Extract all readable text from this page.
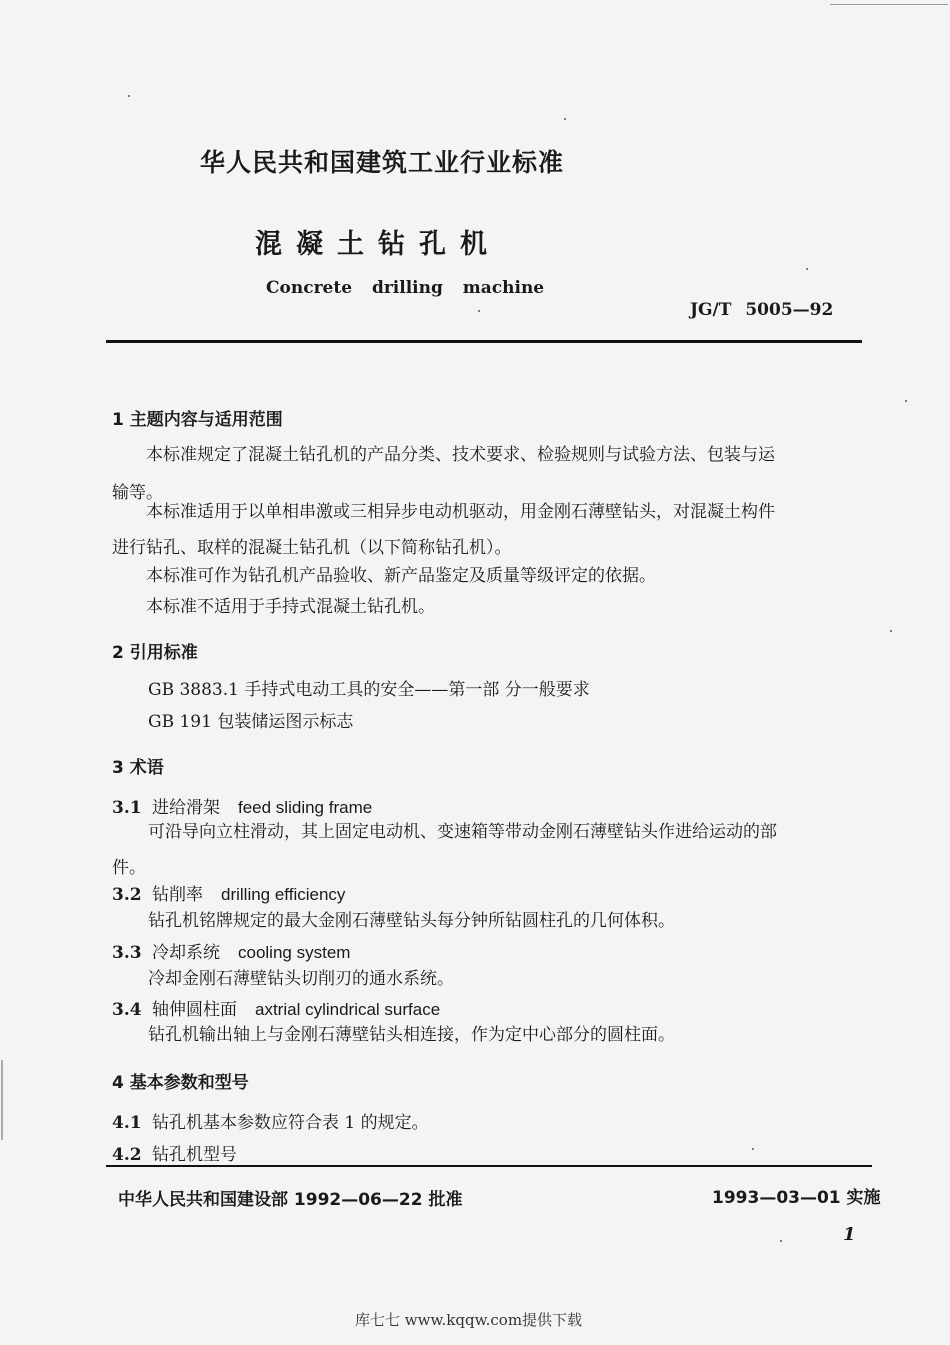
华人民共和国建筑工业行业标准
混凝土钻孔机
Concrete drilling machine
JG/T 5005—92
1 主题内容与适用范围
本标准规定了混凝土钻孔机的产品分类、技术要求、检验规则与试验方法、包装与运
输等。
本标准适用于以单相串激或三相异步电动机驱动，用金刚石薄壁钻头，对混凝土构件
进行钻孔、取样的混凝土钻孔机（以下简称钻孔机）。
本标准可作为钻孔机产品验收、新产品鉴定及质量等级评定的依据。
本标准不适用于手持式混凝土钻孔机。
2 引用标准
GB 3883.1 手持式电动工具的安全——第一部 分一般要求
GB 191 包装储运图示标志
3 术语
3.1 进给滑架 feed sliding frame
可沿导向立柱滑动，其上固定电动机、变速箱等带动金刚石薄壁钻头作进给运动的部
件。
3.2 钻削率 drilling efficiency
钻孔机铭牌规定的最大金刚石薄壁钻头每分钟所钻圆柱孔的几何体积。
3.3 冷却系统 cooling system
冷却金刚石薄壁钻头切削刃的通水系统。
3.4 轴伸圆柱面 axtrial cylindrical surface
钻孔机输出轴上与金刚石薄壁钻头相连接，作为定中心部分的圆柱面。
4 基本参数和型号
4.1 钻孔机基本参数应符合表 1 的规定。
4.2 钻孔机型号
中华人民共和国建设部 1992—06—22 批准	1993—03—01 实施
1
库七七 www.kqqw.com提供下载
